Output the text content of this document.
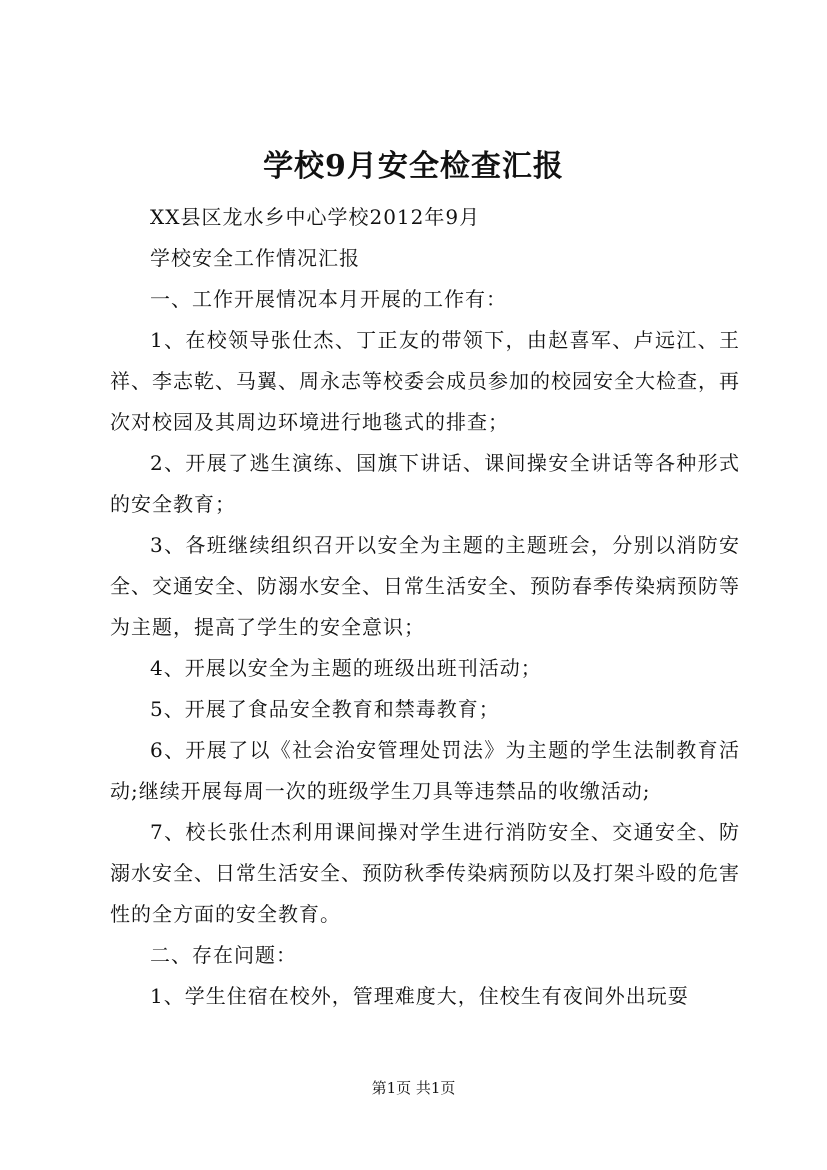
学校9月安全检查汇报

XX县区龙水乡中心学校2012年9月

学校安全工作情况汇报

一、工作开展情况本月开展的工作有：

1、在校领导张仕杰、丁正友的带领下，由赵喜军、卢远江、王祥、李志乾、马翼、周永志等校委会成员参加的校园安全大检查，再次对校园及其周边环境进行地毯式的排查；

2、开展了逃生演练、国旗下讲话、课间操安全讲话等各种形式的安全教育；

3、各班继续组织召开以安全为主题的主题班会，分别以消防安全、交通安全、防溺水安全、日常生活安全、预防春季传染病预防等为主题，提高了学生的安全意识；

4、开展以安全为主题的班级出班刊活动；

5、开展了食品安全教育和禁毒教育；

6、开展了以《社会治安管理处罚法》为主题的学生法制教育活动;继续开展每周一次的班级学生刀具等违禁品的收缴活动;

7、校长张仕杰利用课间操对学生进行消防安全、交通安全、防溺水安全、日常生活安全、预防秋季传染病预防以及打架斗殴的危害性的全方面的安全教育。

二、存在问题：

1、学生住宿在校外，管理难度大，住校生有夜间外出玩耍

第1页 共1页
